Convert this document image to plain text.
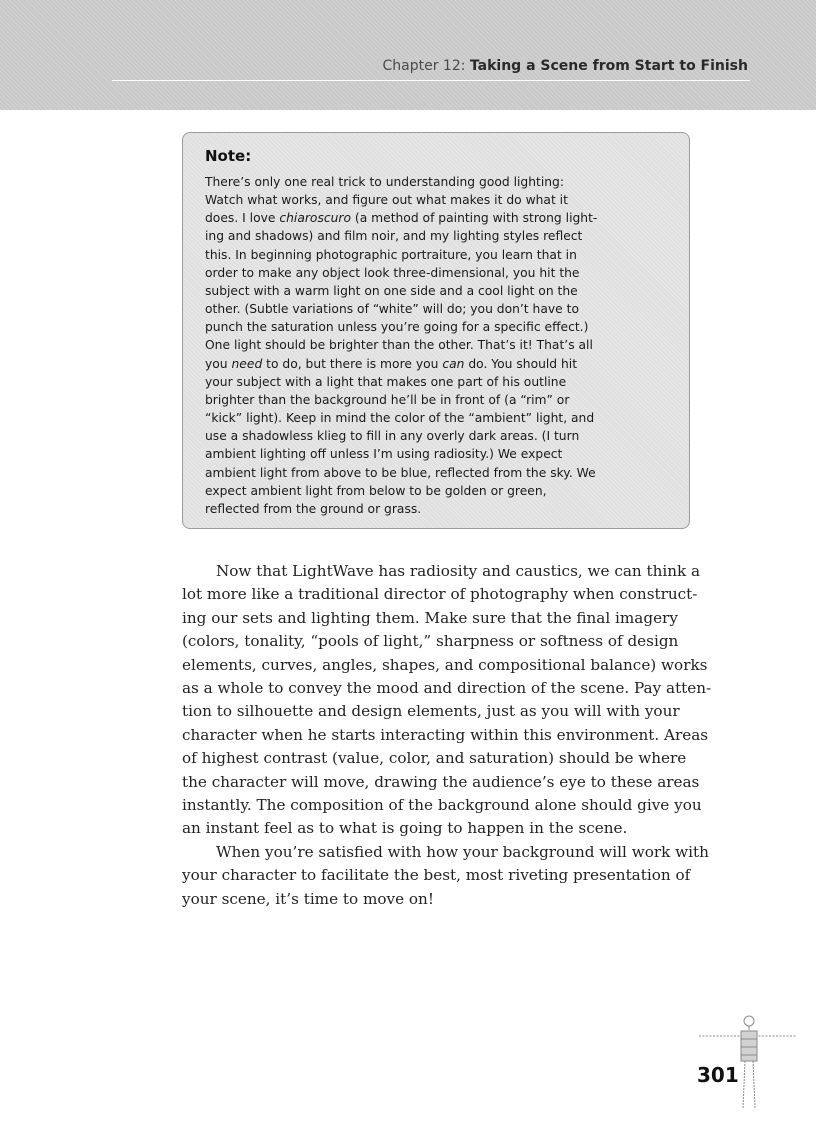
Chapter 12: Taking a Scene from Start to Finish
Note:
There’s only one real trick to understanding good lighting:
Watch what works, and figure out what makes it do what it
does. I love chiaroscuro (a method of painting with strong light-
ing and shadows) and film noir, and my lighting styles reflect
this. In beginning photographic portraiture, you learn that in
order to make any object look three-dimensional, you hit the
subject with a warm light on one side and a cool light on the
other. (Subtle variations of “white” will do; you don’t have to
punch the saturation unless you’re going for a specific effect.)
One light should be brighter than the other. That’s it! That’s all
you need to do, but there is more you can do. You should hit
your subject with a light that makes one part of his outline
brighter than the background he’ll be in front of (a “rim” or
“kick” light). Keep in mind the color of the “ambient” light, and
use a shadowless klieg to fill in any overly dark areas. (I turn
ambient lighting off unless I’m using radiosity.) We expect
ambient light from above to be blue, reflected from the sky. We
expect ambient light from below to be golden or green,
reflected from the ground or grass.
Now that LightWave has radiosity and caustics, we can think a
lot more like a traditional director of photography when construct-
ing our sets and lighting them. Make sure that the final imagery
(colors, tonality, “pools of light,” sharpness or softness of design
elements, curves, angles, shapes, and compositional balance) works
as a whole to convey the mood and direction of the scene. Pay atten-
tion to silhouette and design elements, just as you will with your
character when he starts interacting within this environment. Areas
of highest contrast (value, color, and saturation) should be where
the character will move, drawing the audience’s eye to these areas
instantly. The composition of the background alone should give you
an instant feel as to what is going to happen in the scene.
When you’re satisfied with how your background will work with
your character to facilitate the best, most riveting presentation of
your scene, it’s time to move on!
301
